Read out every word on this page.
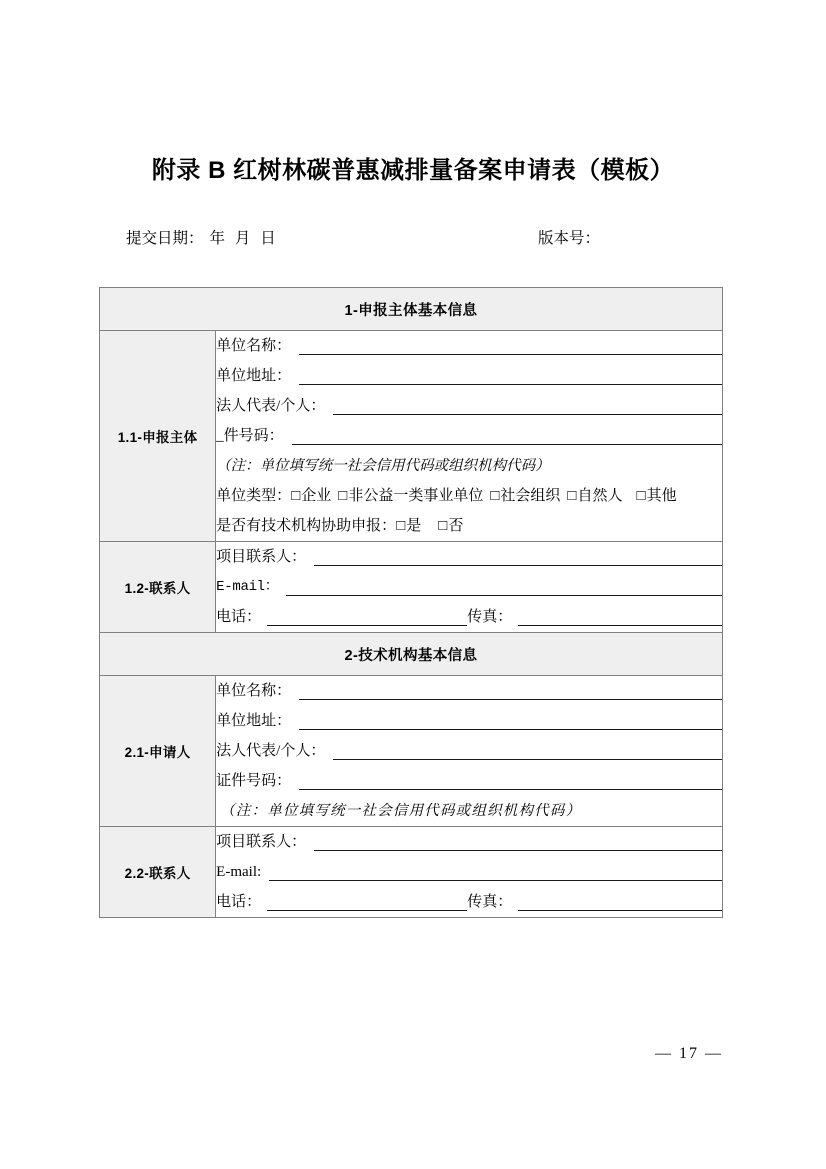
附录 B 红树林碳普惠减排量备案申请表（模板）
提交日期： 年 月 日	版本号：
1-申报主体基本信息	
1.1-申报主体	
单位名称：
单位地址：
法人代表/个人：
_件号码：
（注：单位填写统一社会信用代码或组织机构代码）
单位类型：□企业 □非公益一类事业单位 □社会组织 □自然人 □其他
是否有技术机构协助申报：□是 □否

1.2-联系人	项目联系人：
E-mail：
电话： 传真：

2-技术机构基本信息	
2.1-申请人	单位名称：
单位地址：
法人代表/个人：
证件号码：
（注：单位填写统一社会信用代码或组织机构代码）

2.2-联系人	项目联系人：
E-mail:
电话： 传真：
— 17 —
